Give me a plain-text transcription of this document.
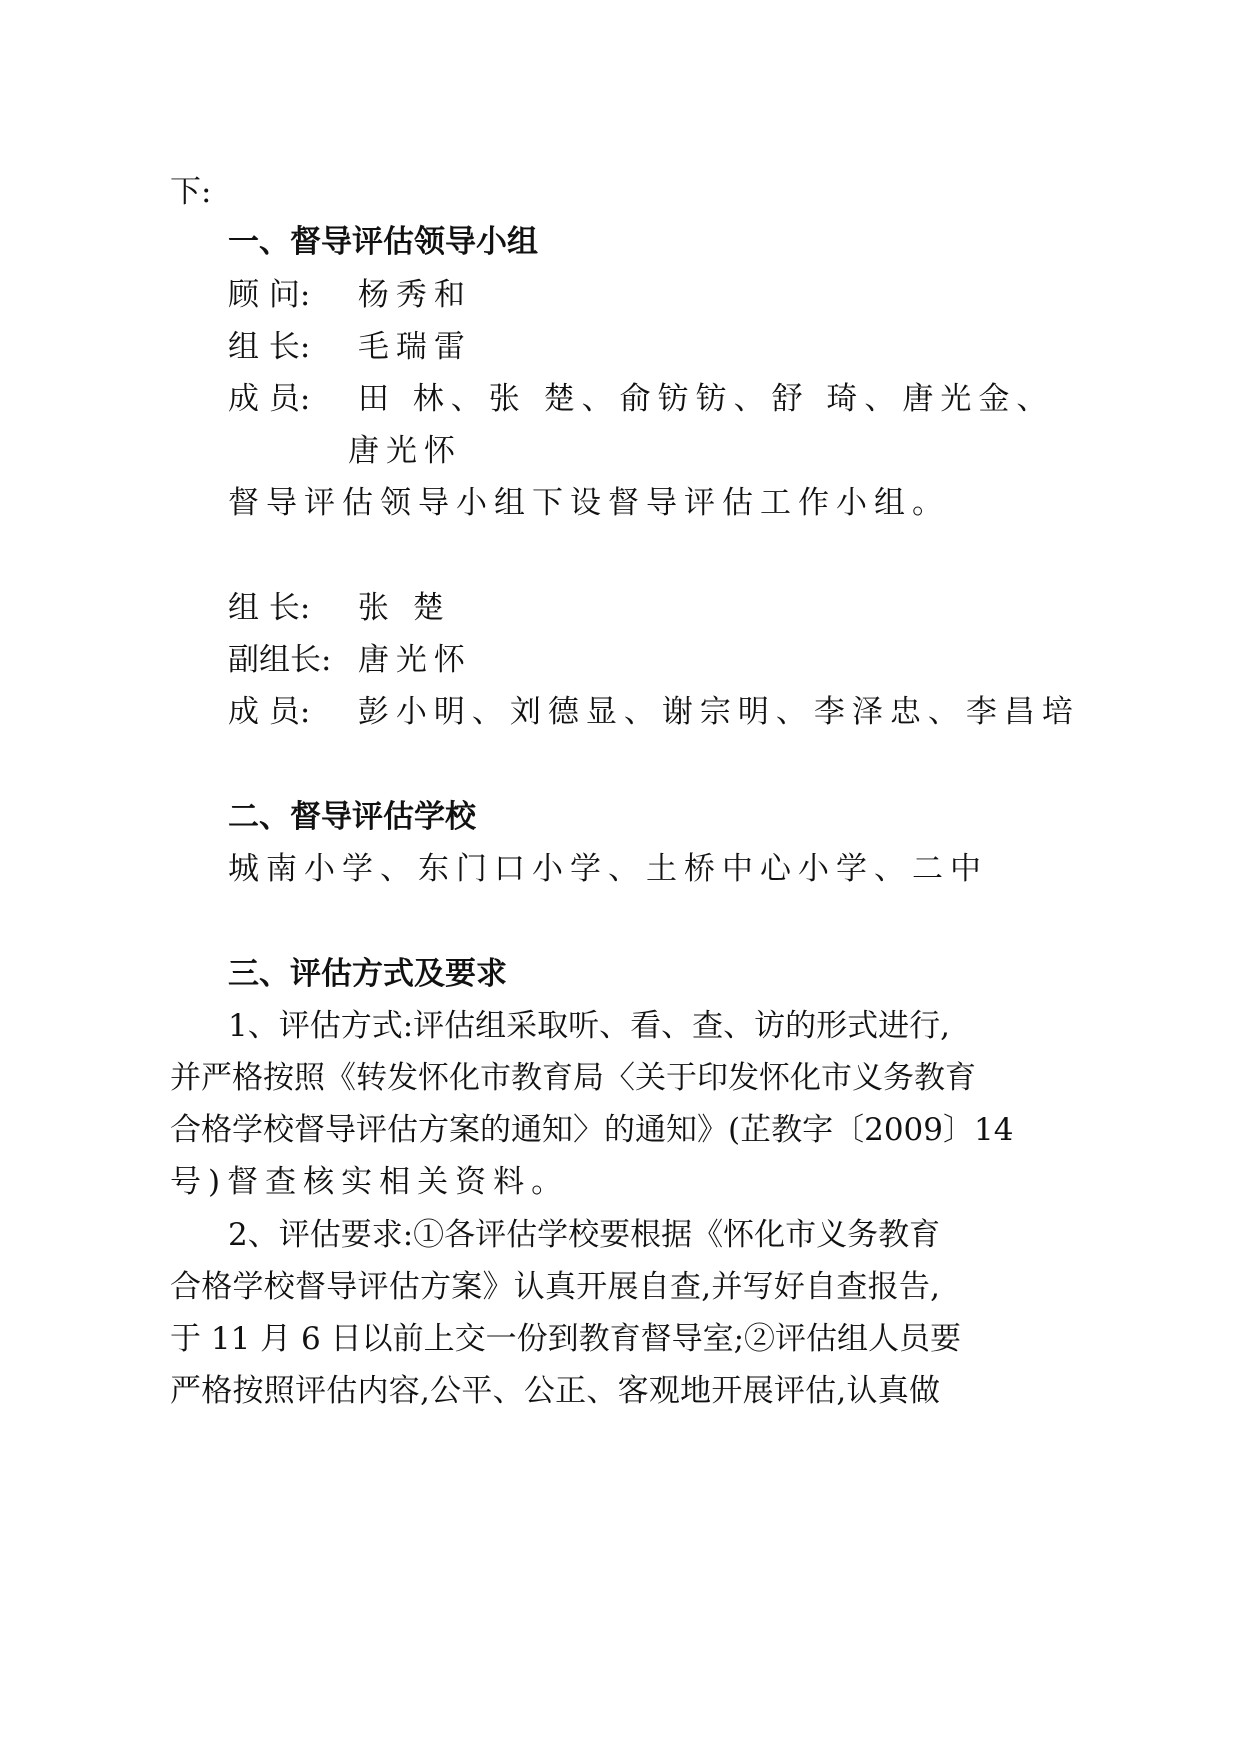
下:
一、督导评估领导小组
顾 问: 杨秀和
组 长: 毛瑞雷
成 员: 田 林、张 楚、俞钫钫、舒 琦、唐光金、
唐光怀
督导评估领导小组下设督导评估工作小组。
组 长: 张 楚
副组长: 唐光怀
成 员: 彭小明、刘德显、谢宗明、李泽忠、李昌培
二、督导评估学校
城南小学、东门口小学、土桥中心小学、二中
三、评估方式及要求
1、评估方式:评估组采取听、看、查、访的形式进行,
并严格按照《转发怀化市教育局〈关于印发怀化市义务教育
合格学校督导评估方案的通知〉的通知》(芷教字〔2009〕14
号)督查核实相关资料。
2、评估要求:①各评估学校要根据《怀化市义务教育
合格学校督导评估方案》认真开展自查,并写好自查报告,
于 11 月 6 日以前上交一份到教育督导室;②评估组人员要
严格按照评估内容,公平、公正、客观地开展评估,认真做
